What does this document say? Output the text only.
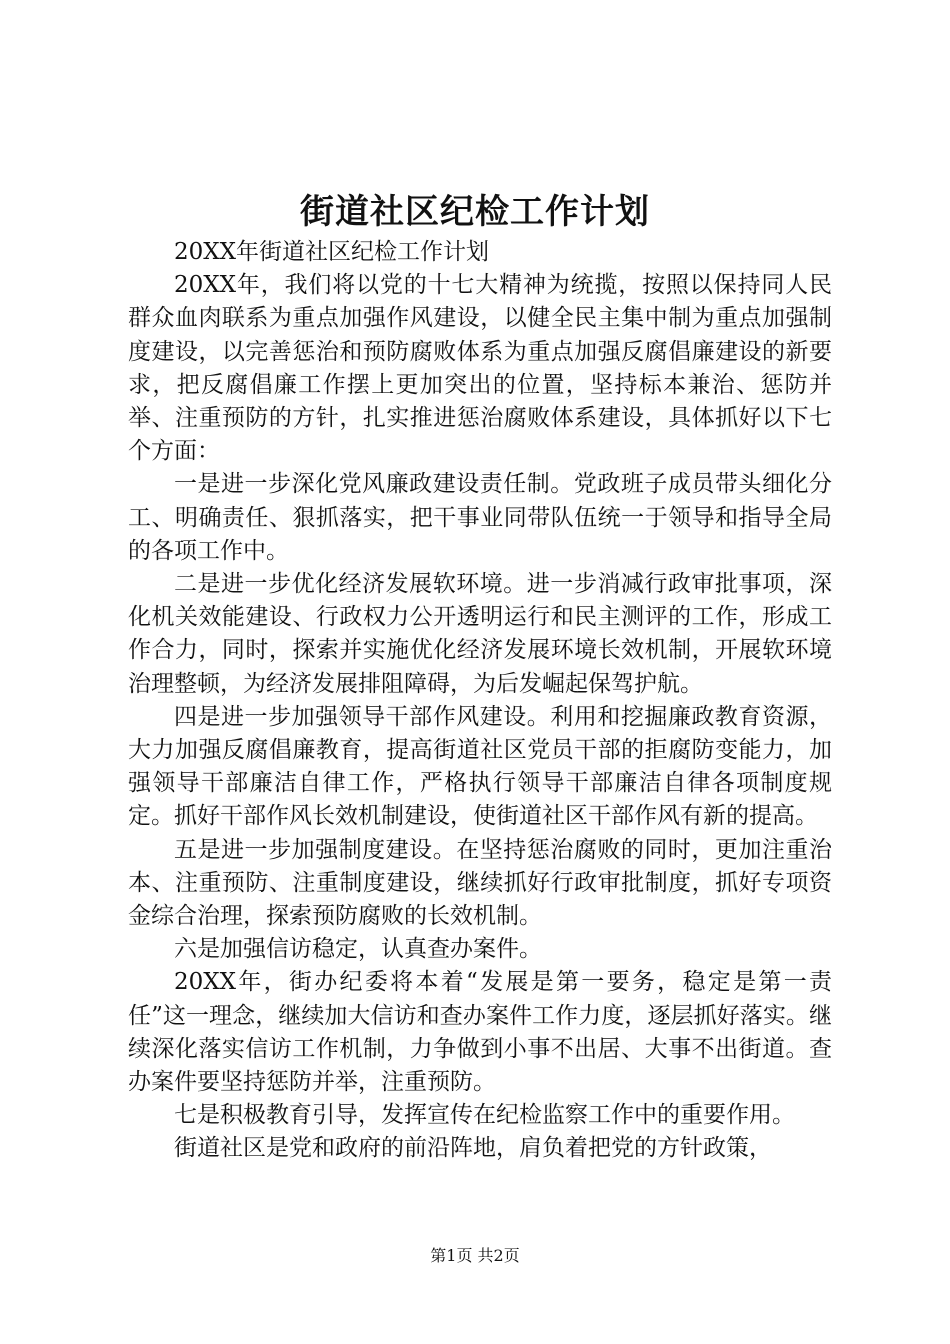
街道社区纪检工作计划

20XX年街道社区纪检工作计划

20XX年，我们将以党的十七大精神为统揽，按照以保持同人民群众血肉联系为重点加强作风建设，以健全民主集中制为重点加强制度建设，以完善惩治和预防腐败体系为重点加强反腐倡廉建设的新要求，把反腐倡廉工作摆上更加突出的位置，坚持标本兼治、惩防并举、注重预防的方针，扎实推进惩治腐败体系建设，具体抓好以下七个方面：

一是进一步深化党风廉政建设责任制。党政班子成员带头细化分工、明确责任、狠抓落实，把干事业同带队伍统一于领导和指导全局的各项工作中。

二是进一步优化经济发展软环境。进一步消减行政审批事项，深化机关效能建设、行政权力公开透明运行和民主测评的工作，形成工作合力，同时，探索并实施优化经济发展环境长效机制，开展软环境治理整顿，为经济发展排阻障碍，为后发崛起保驾护航。

四是进一步加强领导干部作风建设。利用和挖掘廉政教育资源，大力加强反腐倡廉教育，提高街道社区党员干部的拒腐防变能力，加强领导干部廉洁自律工作，严格执行领导干部廉洁自律各项制度规定。抓好干部作风长效机制建设，使街道社区干部作风有新的提高。

五是进一步加强制度建设。在坚持惩治腐败的同时，更加注重治本、注重预防、注重制度建设，继续抓好行政审批制度，抓好专项资金综合治理，探索预防腐败的长效机制。

六是加强信访稳定，认真查办案件。

20XX年，街办纪委将本着“发展是第一要务，稳定是第一责任”这一理念，继续加大信访和查办案件工作力度，逐层抓好落实。继续深化落实信访工作机制，力争做到小事不出居、大事不出街道。查办案件要坚持惩防并举，注重预防。

七是积极教育引导，发挥宣传在纪检监察工作中的重要作用。

街道社区是党和政府的前沿阵地，肩负着把党的方针政策，

第1页 共2页
